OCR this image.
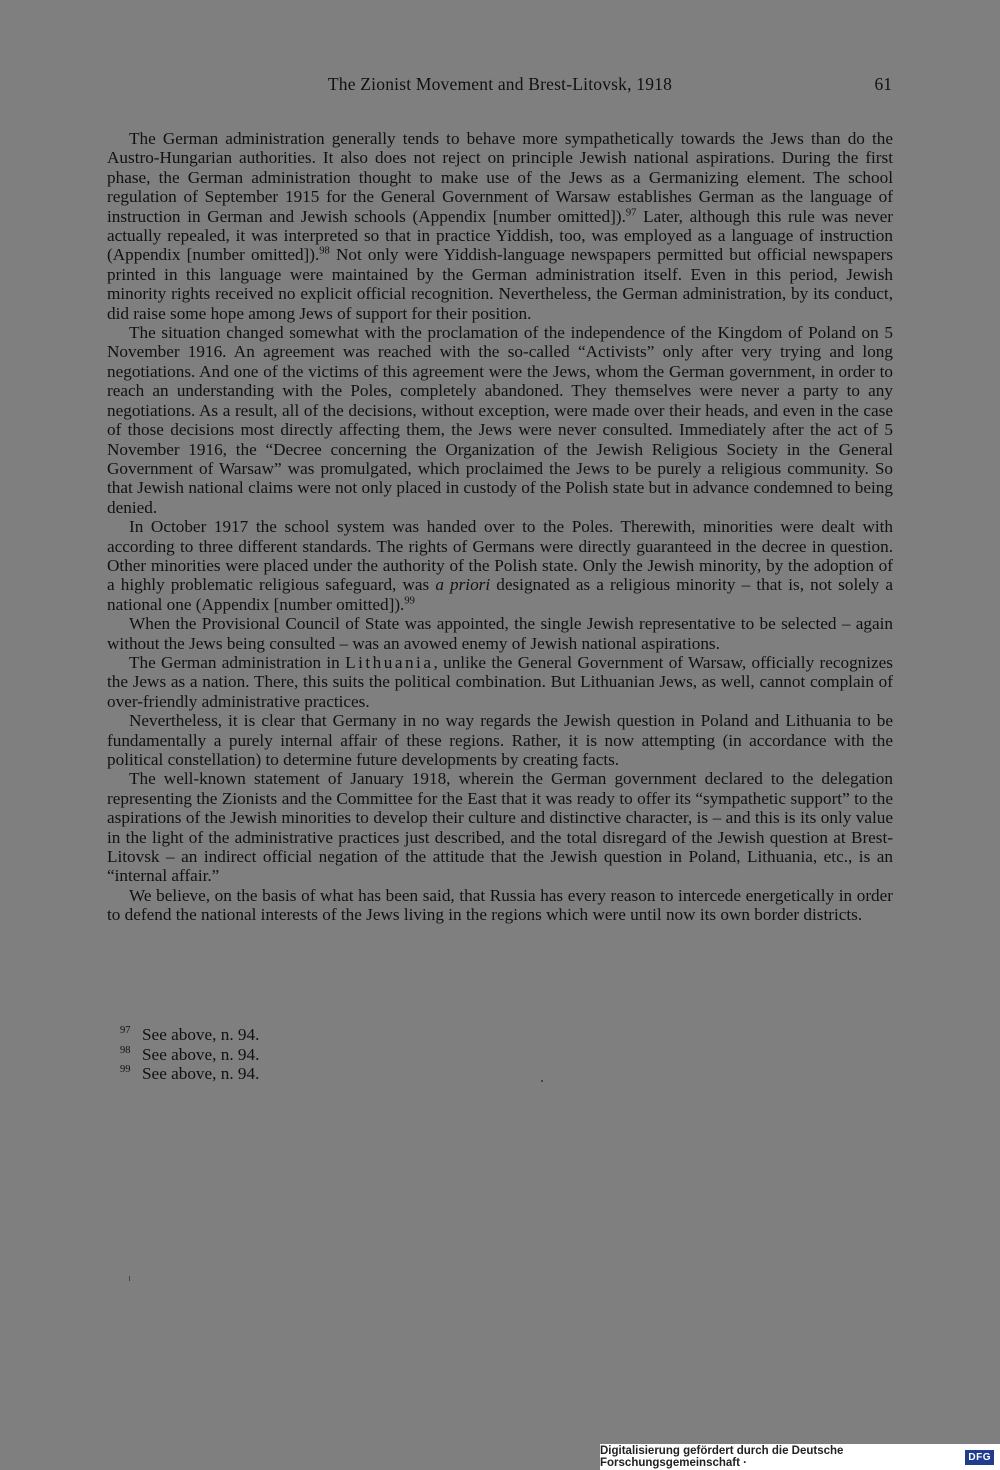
The Zionist Movement and Brest-Litovsk, 1918	61

The German administration generally tends to behave more sympathetically towards the Jews than do the Austro-Hungarian authorities. It also does not reject on principle Jewish national aspirations. During the first phase, the German administration thought to make use of the Jews as a Germanizing element. The school regulation of September 1915 for the General Government of Warsaw establishes German as the language of instruction in German and Jewish schools (Appendix [number omitted]).$^{97}$ Later, although this rule was never actually repealed, it was interpreted so that in practice Yiddish, too, was employed as a language of instruction (Appendix [number omitted]).$^{98}$ Not only were Yiddish-language newspapers permitted but official newspapers printed in this language were maintained by the German administration itself. Even in this period, Jewish minority rights received no explicit official recognition. Nevertheless, the German administration, by its conduct, did raise some hope among Jews of support for their position.

The situation changed somewhat with the proclamation of the independence of the Kingdom of Poland on 5 November 1916. An agreement was reached with the so-called “Activists” only after very trying and long negotiations. And one of the victims of this agreement were the Jews, whom the German government, in order to reach an understanding with the Poles, completely abandoned. They themselves were never a party to any negotiations. As a result, all of the decisions, without exception, were made over their heads, and even in the case of those decisions most directly affecting them, the Jews were never consulted. Immediately after the act of 5 November 1916, the “Decree concerning the Organization of the Jewish Religious Society in the General Government of Warsaw” was promulgated, which proclaimed the Jews to be purely a religious community. So that Jewish national claims were not only placed in custody of the Polish state but in advance condemned to being denied.

In October 1917 the school system was handed over to the Poles. Therewith, minorities were dealt with according to three different standards. The rights of Germans were directly guaranteed in the decree in question. Other minorities were placed under the authority of the Polish state. Only the Jewish minority, by the adoption of a highly problematic religious safeguard, was a priori designated as a religious minority – that is, not solely a national one (Appendix [number omitted]).$^{99}$

When the Provisional Council of State was appointed, the single Jewish representative to be selected – again without the Jews being consulted – was an avowed enemy of Jewish national aspirations.

The German administration in Lithuania, unlike the General Government of Warsaw, officially recognizes the Jews as a nation. There, this suits the political combination. But Lithuanian Jews, as well, cannot complain of over-friendly administrative practices.

Nevertheless, it is clear that Germany in no way regards the Jewish question in Poland and Lithuania to be fundamentally a purely internal affair of these regions. Rather, it is now attempting (in accordance with the political constellation) to determine future developments by creating facts.

The well-known statement of January 1918, wherein the German government declared to the delegation representing the Zionists and the Committee for the East that it was ready to offer its “sympathetic support” to the aspirations of the Jewish minorities to develop their culture and distinctive character, is – and this is its only value in the light of the administrative practices just described, and the total disregard of the Jewish question at Brest-Litovsk – an indirect official negation of the attitude that the Jewish question in Poland, Lithuania, etc., is an “internal affair.”

We believe, on the basis of what has been said, that Russia has every reason to intercede energetically in order to defend the national interests of the Jews living in the regions which were until now its own border districts.

97 See above, n. 94.

98 See above, n. 94.

99 See above, n. 94.

Digitalisierung gefördert durch die Deutsche Forschungsgemeinschaft ·	DFG
